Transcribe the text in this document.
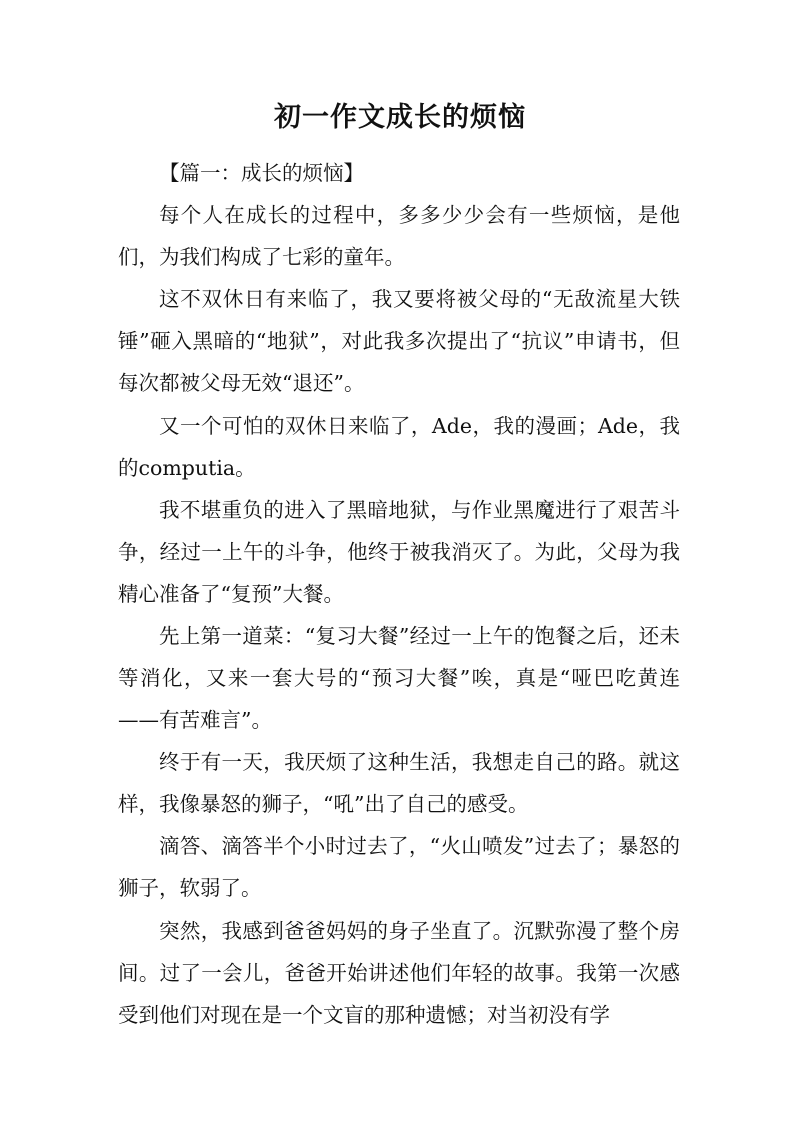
初一作文成长的烦恼

【篇一：成长的烦恼】

每个人在成长的过程中，多多少少会有一些烦恼，是他们，为我们构成了七彩的童年。

这不双休日有来临了，我又要将被父母的“无敌流星大铁锤”砸入黑暗的“地狱”，对此我多次提出了“抗议”申请书，但每次都被父母无效“退还”。

又一个可怕的双休日来临了，Ade，我的漫画；Ade，我的computia。

我不堪重负的进入了黑暗地狱，与作业黑魔进行了艰苦斗争，经过一上午的斗争，他终于被我消灭了。为此，父母为我精心准备了“复预”大餐。

先上第一道菜：“复习大餐”经过一上午的饱餐之后，还未等消化，又来一套大号的“预习大餐”唉，真是“哑巴吃黄连——有苦难言”。

终于有一天，我厌烦了这种生活，我想走自己的路。就这样，我像暴怒的狮子，“吼”出了自己的感受。

滴答、滴答半个小时过去了，“火山喷发”过去了；暴怒的狮子，软弱了。

突然，我感到爸爸妈妈的身子坐直了。沉默弥漫了整个房间。过了一会儿，爸爸开始讲述他们年轻的故事。我第一次感受到他们对现在是一个文盲的那种遗憾；对当初没有学
